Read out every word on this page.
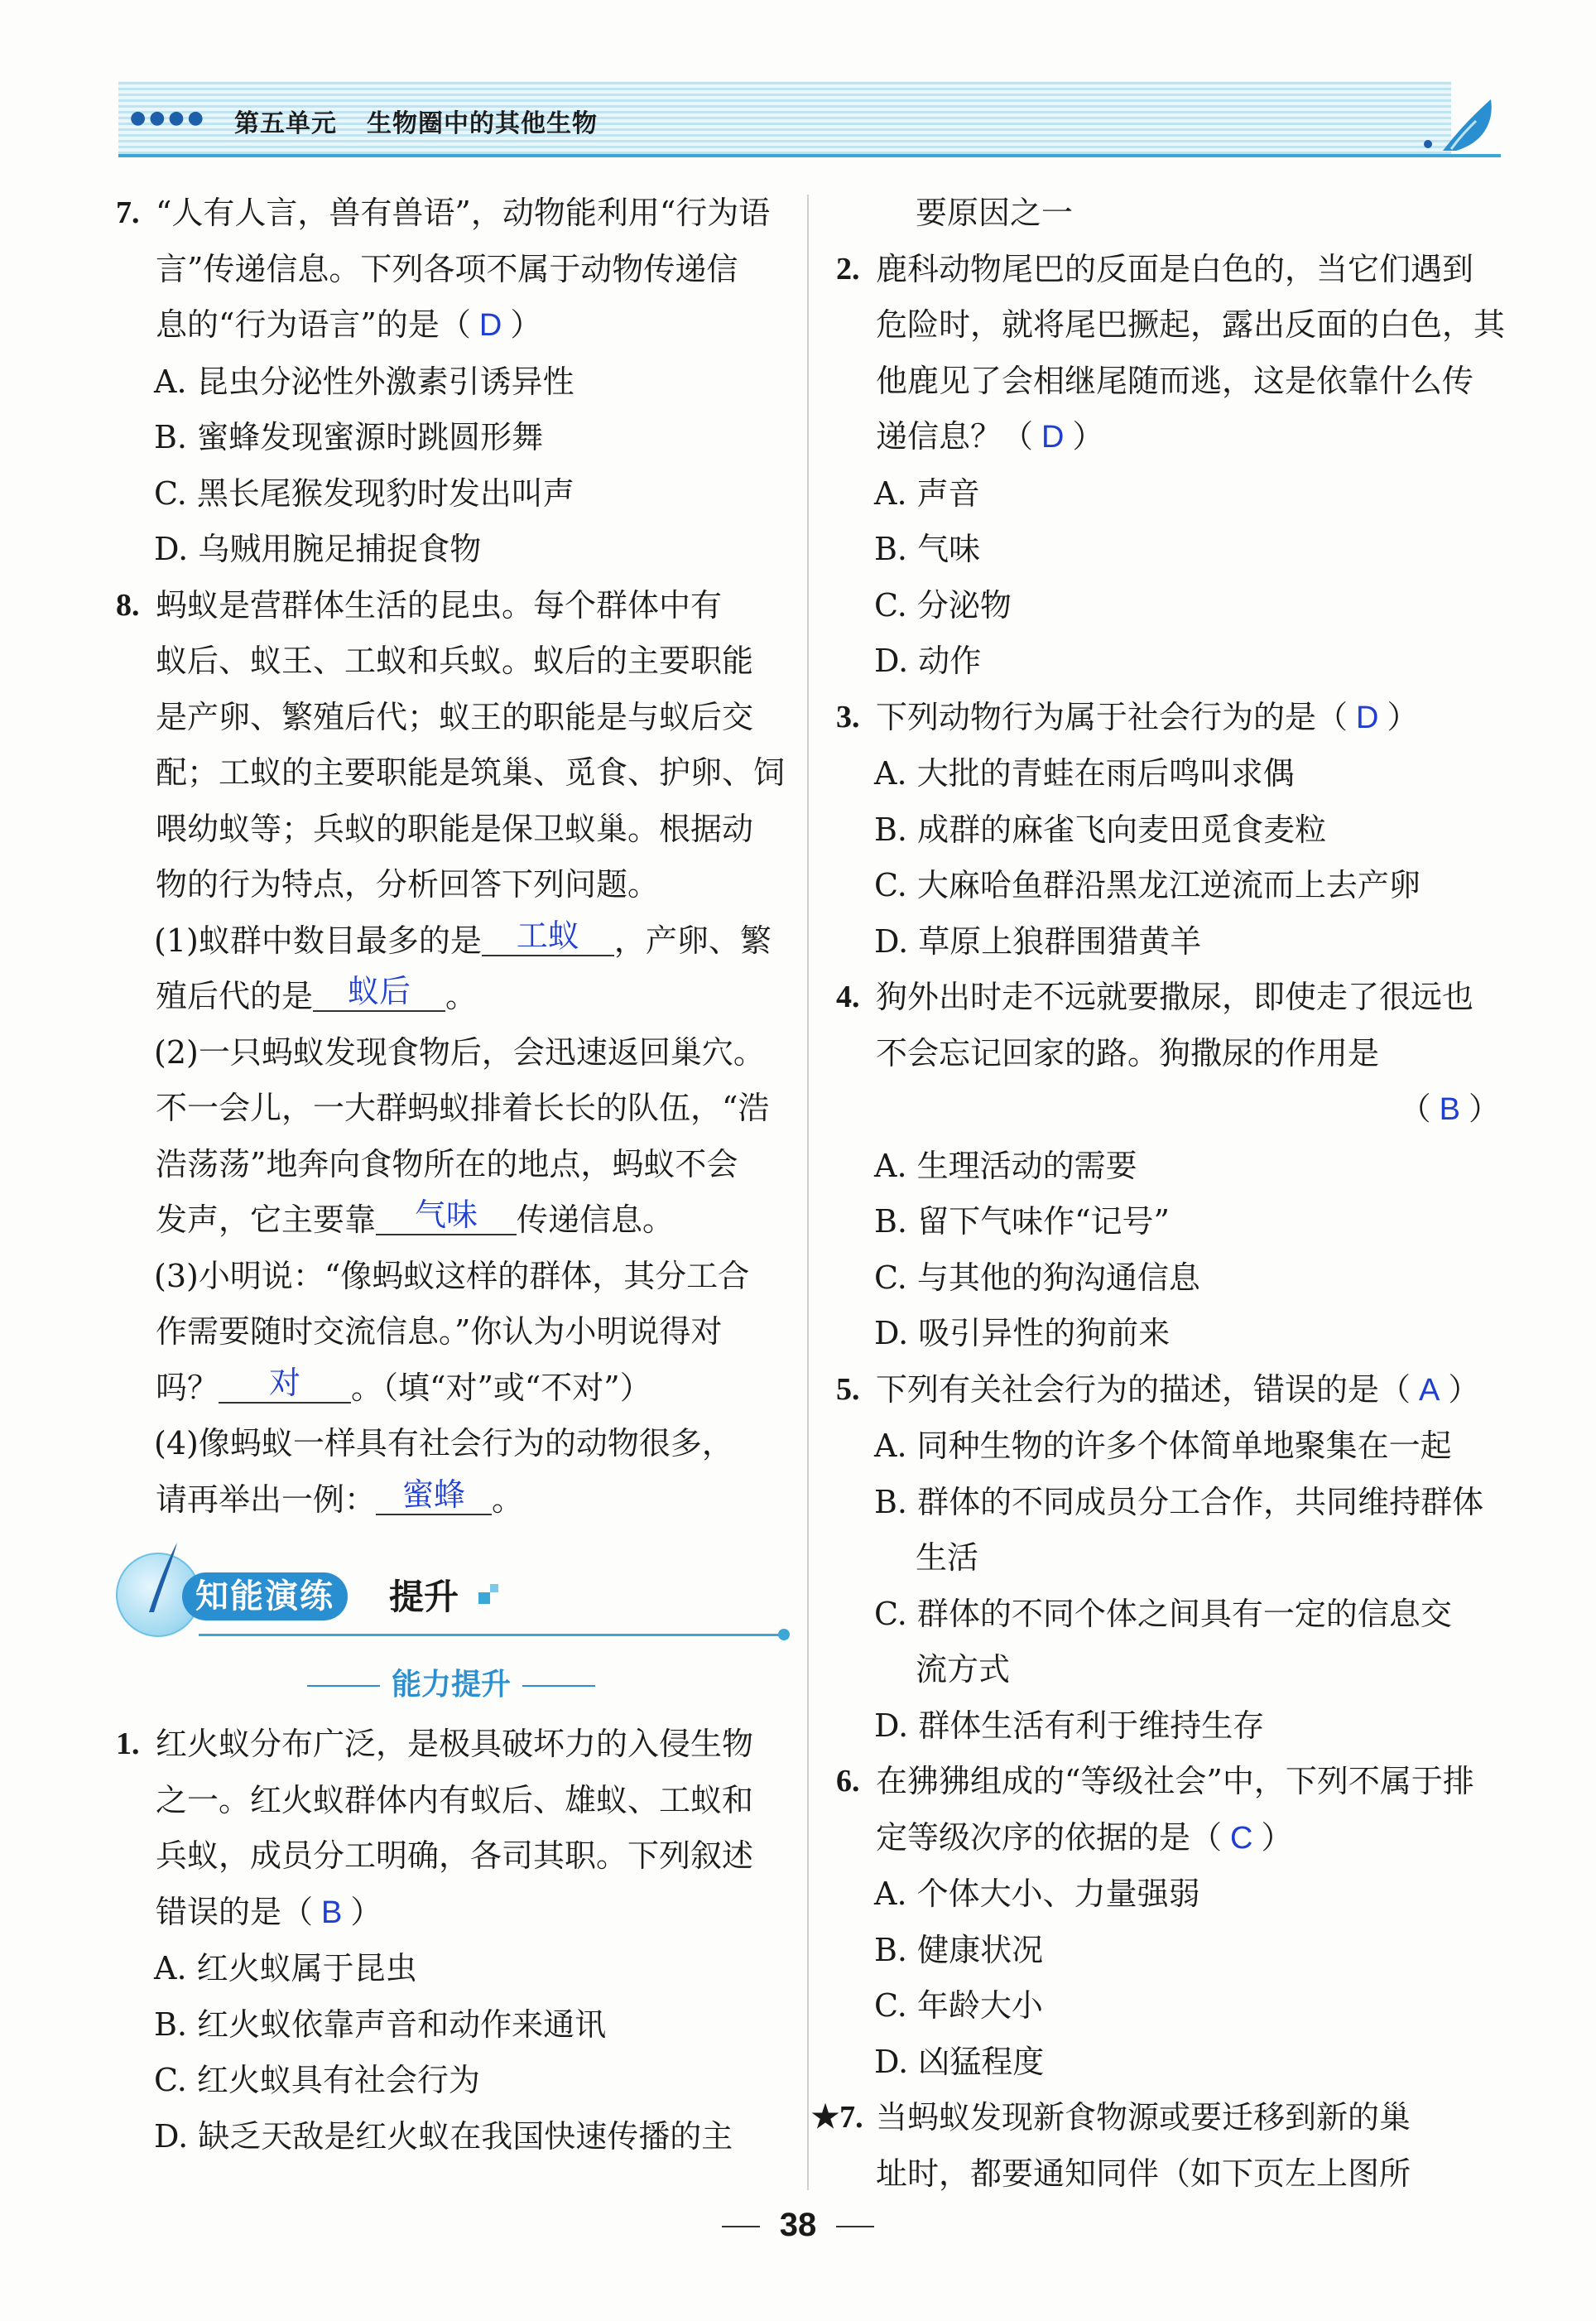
●●●● 第五单元 生物圈中的其他生物
7. “人有人言，兽有兽语”，动物能利用“行为语
言”传递信息。下列各项不属于动物传递信
息的“行为语言”的是（ D ）
A. 昆虫分泌性外激素引诱异性
B. 蜜蜂发现蜜源时跳圆形舞
C. 黑长尾猴发现豹时发出叫声
D. 乌贼用腕足捕捉食物
8. 蚂蚁是营群体生活的昆虫。每个群体中有
蚁后、蚁王、工蚁和兵蚁。蚁后的主要职能
是产卵、繁殖后代；蚁王的职能是与蚁后交
配；工蚁的主要职能是筑巢、觅食、护卵、饲
喂幼蚁等；兵蚁的职能是保卫蚁巢。根据动
物的行为特点，分析回答下列问题。
(1)蚁群中数目最多的是 工蚁 ，产卵、繁
殖后代的是 蚁后 。
(2)一只蚂蚁发现食物后，会迅速返回巢穴。
不一会儿，一大群蚂蚁排着长长的队伍，“浩
浩荡荡”地奔向食物所在的地点，蚂蚁不会
发声，它主要靠 气味 传递信息。
(3)小明说：“像蚂蚁这样的群体，其分工合
作需要随时交流信息。”你认为小明说得对
吗？ 对 。（填“对”或“不对”）
(4)像蚂蚁一样具有社会行为的动物很多，
请再举出一例： 蜜蜂 。
知能演练	提升
能力提升
1. 红火蚁分布广泛，是极具破坏力的入侵生物
之一。红火蚁群体内有蚁后、雄蚁、工蚁和
兵蚁，成员分工明确，各司其职。下列叙述
错误的是（ B ）
A. 红火蚁属于昆虫
B. 红火蚁依靠声音和动作来通讯
C. 红火蚁具有社会行为
D. 缺乏天敌是红火蚁在我国快速传播的主
要原因之一
2. 鹿科动物尾巴的反面是白色的，当它们遇到
危险时，就将尾巴撅起，露出反面的白色，其
他鹿见了会相继尾随而逃，这是依靠什么传
递信息？（ D ）
A. 声音
B. 气味
C. 分泌物
D. 动作
3. 下列动物行为属于社会行为的是（ D ）
A. 大批的青蛙在雨后鸣叫求偶
B. 成群的麻雀飞向麦田觅食麦粒
C. 大麻哈鱼群沿黑龙江逆流而上去产卵
D. 草原上狼群围猎黄羊
4. 狗外出时走不远就要撒尿，即使走了很远也
不会忘记回家的路。狗撒尿的作用是
（ B ）
A. 生理活动的需要
B. 留下气味作“记号”
C. 与其他的狗沟通信息
D. 吸引异性的狗前来
5. 下列有关社会行为的描述，错误的是（ A ）
A. 同种生物的许多个体简单地聚集在一起
B. 群体的不同成员分工合作，共同维持群体
生活
C. 群体的不同个体之间具有一定的信息交
流方式
D. 群体生活有利于维持生存
6. 在狒狒组成的“等级社会”中，下列不属于排
定等级次序的依据的是（ C ）
A. 个体大小、力量强弱
B. 健康状况
C. 年龄大小
D. 凶猛程度
★7. 当蚂蚁发现新食物源或要迁移到新的巢
址时，都要通知同伴（如下页左上图所
38
